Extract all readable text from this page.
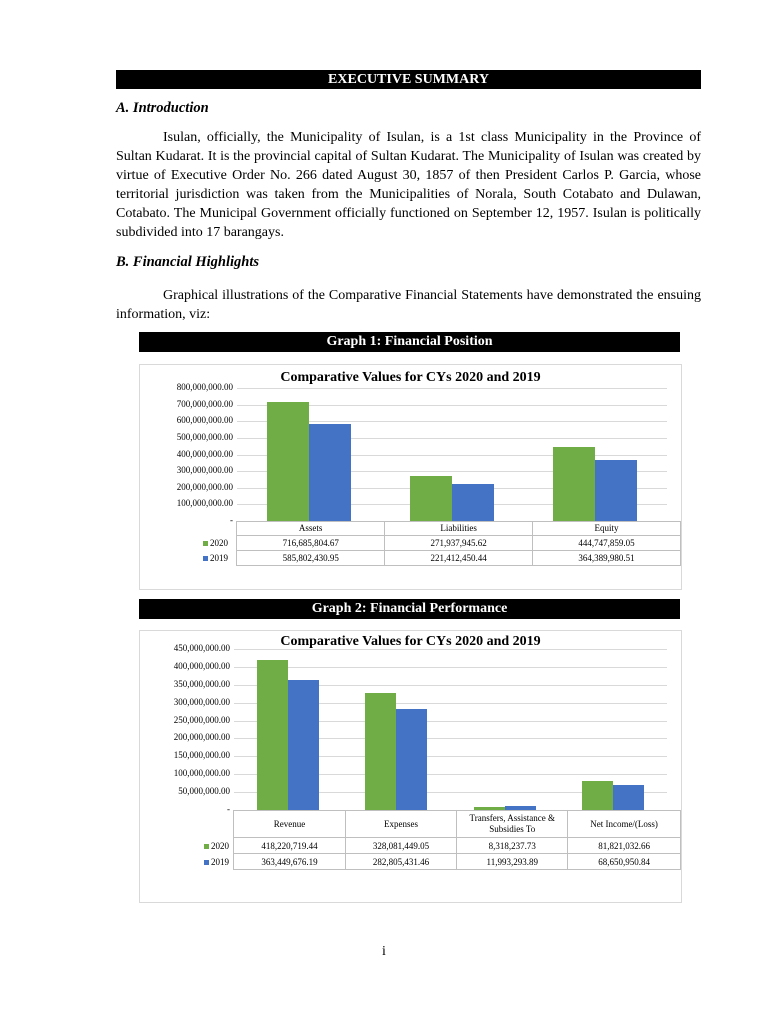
EXECUTIVE SUMMARY
A. Introduction
Isulan, officially, the Municipality of Isulan, is a 1st class Municipality in the Province of Sultan Kudarat. It is the provincial capital of Sultan Kudarat. The Municipality of Isulan was created by virtue of Executive Order No. 266 dated August 30, 1857 of then President Carlos P. Garcia, whose territorial jurisdiction was taken from the Municipalities of Norala, South Cotabato and Dulawan, Cotabato. The Municipal Government officially functioned on September 12, 1957. Isulan is politically subdivided into 17 barangays.
B. Financial Highlights
Graphical illustrations of the Comparative Financial Statements have demonstrated the ensuing information, viz:
Graph 1: Financial Position
Comparative Values for CYs 2020 and 2019
800,000,000.00
700,000,000.00
600,000,000.00
500,000,000.00
400,000,000.00
300,000,000.00
200,000,000.00
100,000,000.00
-
	Assets	Liabilities	Equity
2020	716,685,804.67	271,937,945.62	444,747,859.05
2019	585,802,430.95	221,412,450.44	364,389,980.51
Graph 2: Financial Performance
Comparative Values for CYs 2020 and 2019
450,000,000.00
400,000,000.00
350,000,000.00
300,000,000.00
250,000,000.00
200,000,000.00
150,000,000.00
100,000,000.00
50,000,000.00
-
	Revenue	Expenses	Transfers, Assistance & Subsidies To	Net Income/(Loss)
2020	418,220,719.44	328,081,449.05	8,318,237.73	81,821,032.66
2019	363,449,676.19	282,805,431.46	11,993,293.89	68,650,950.84
i
